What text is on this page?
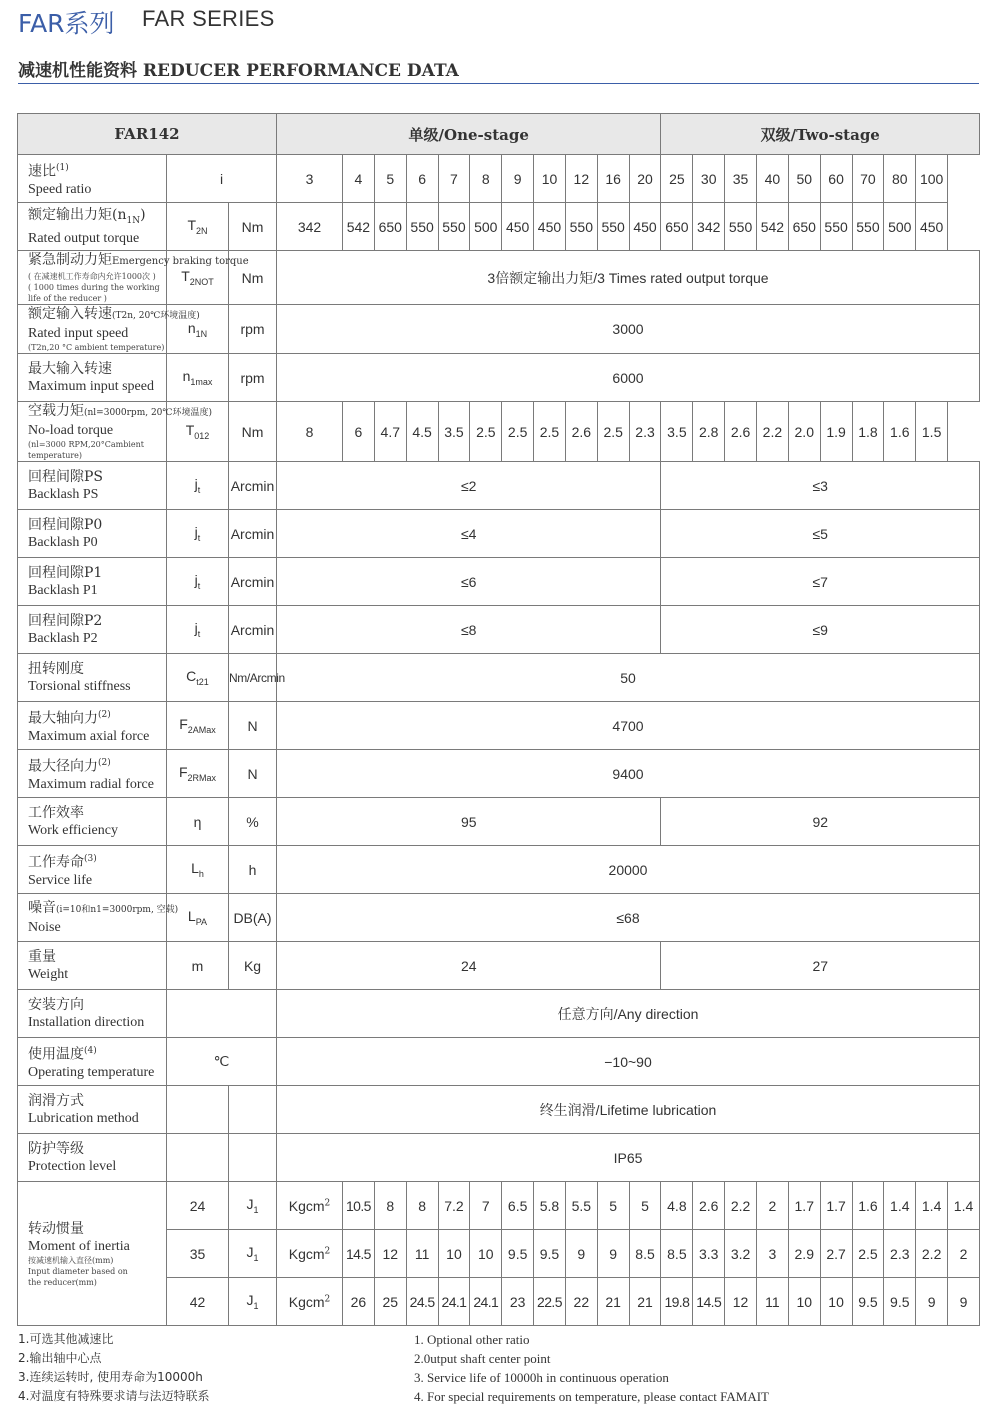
FAR系列 FAR SERIES
减速机性能资料 REDUCER PERFORMANCE DATA
FAR142			单级/One-stage											双级/Two-stage									

速比$^{(1)}$
Speed ratio	i		3	4	5	6	7	8	9	10	12	16	20	25	30	35	40	50	60	70	80	100	

额定输出力矩$(n_{1N})$
Rated output torque	$T_{2N}$	Nm	342	542	650	550	550	500	450	450	550	550	450	650	342	550	542	650	550	550	500	450	

紧急制动力矩Emergency braking torque
( 在减速机工作寿命内允许1000次 )
( 1000 times during the working life of the reducer )	$T_{2NOT}$	Nm	3倍额定输出力矩/3 Times rated output torque																				

额定输入转速(T2n, 20℃环境温度)
Rated input speed
(T2n,20 °C ambient temperature)	$n_{1N}$	rpm	3000																				

最大输入转速
Maximum input speed	$n_{1max}$	rpm	6000																				

空载力矩(nl=3000rpm, 20℃环境温度)
No-load torque
(nl=3000 RPM,20°Cambient temperature)	$T_{012}$	Nm	8	6	4.7	4.5	3.5	2.5	2.5	2.5	2.6	2.5	2.3	3.5	2.8	2.6	2.2	2.0	1.9	1.8	1.6	1.5	

回程间隙PS
Backlash PS	$j_t$	Arcmin	≤2											≤3									

回程间隙P0
Backlash P0	$j_t$	Arcmin	≤4											≤5									

回程间隙P1
Backlash P1	$j_t$	Arcmin	≤6											≤7									

回程间隙P2
Backlash P2	$j_t$	Arcmin	≤8											≤9									

扭转刚度
Torsional stiffness	$C_{t21}$	Nm/Arcmin	50																				

最大轴向力$^{(2)}$
Maximum axial force	$F_{2AMax}$	N	4700																				

最大径向力$^{(2)}$
Maximum radial force	$F_{2RMax}$	N	9400																				

工作效率
Work efficiency	η	%	95											92									

工作寿命$^{(3)}$
Service life	$L_h$	h	20000																				

噪音(i=10和n1=3000rpm, 空载)
Noise	$L_{PA}$	DB(A)	≤68																				

重量
Weight	m	Kg	24											27									

安装方向
Installation direction			任意方向/Any direction																				

使用温度$^{(4)}$
Operating temperature	℃		−10~90																				

润滑方式
Lubrication method			终生润滑/Lifetime lubrication																				

防护等级
Protection level			IP65																				

转动惯量
Moment of inertia
按减速机输入直径(mm)
Input diameter based on
the reducer(mm)	24	$J_1$	Kgcm$^2$	10.5	8	8	7.2	7	6.5	5.8	5.5	5	5	4.8	2.6	2.2	2	1.7	1.7	1.6	1.4	1.4	1.4
	35	$J_1$	Kgcm$^2$	14.5	12	11	10	10	9.5	9.5	9	9	8.5	8.5	3.3	3.2	3	2.9	2.7	2.5	2.3	2.2	2
	42	$J_1$	Kgcm$^2$	26	25	24.5	24.1	24.1	23	22.5	22	21	21	19.8	14.5	12	11	10	10	9.5	9.5	9	9
1.可选其他减速比
2.输出轴中心点
3.连续运转时, 使用寿命为10000h
4.对温度有特殊要求请与法迈特联系
1. Optional other ratio
2.0utput shaft center point
3. Service life of 10000h in continuous operation
4. For special requirements on temperature, please contact FAMAIT
